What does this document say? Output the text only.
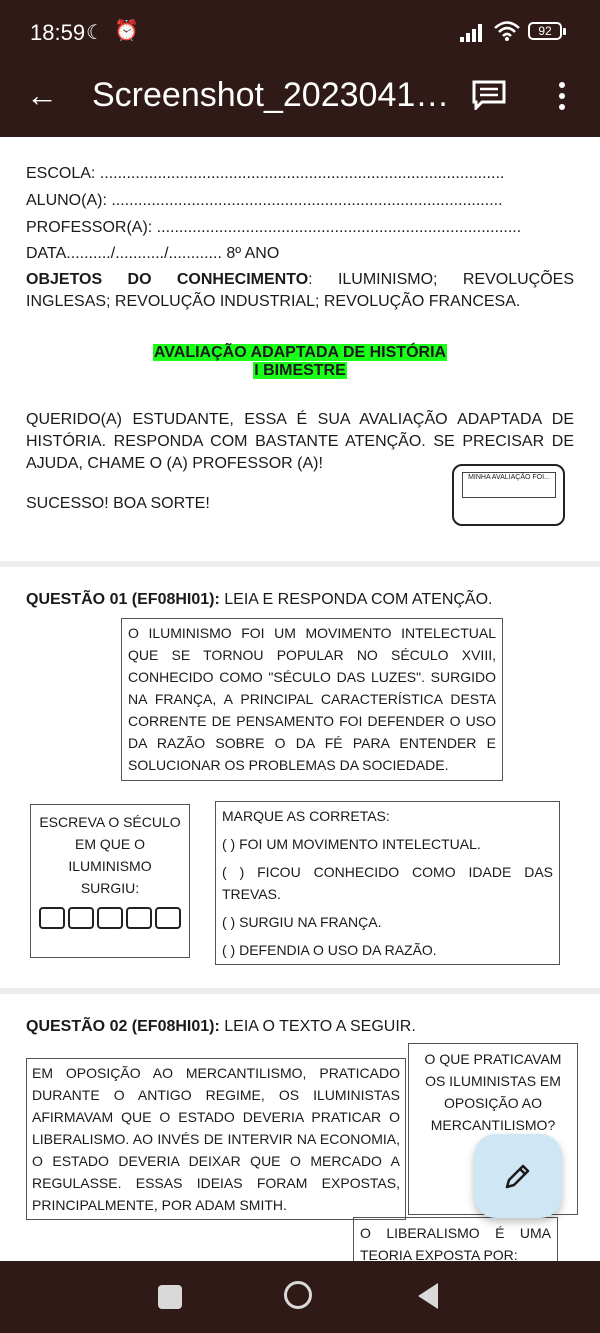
18:59 ☾ ⏰	92
← Screenshot_2023041…
ESCOLA: ...........................................................................................
ALUNO(A): ........................................................................................
PROFESSOR(A): ..................................................................................
DATA........../.........../............ 8º ANO
OBJETOS DO CONHECIMENTO: ILUMINISMO; REVOLUÇÕES INGLESAS; REVOLUÇÃO INDUSTRIAL; REVOLUÇÃO FRANCESA.
AVALIAÇÃO ADAPTADA DE HISTÓRIA
I BIMESTRE
QUERIDO(A) ESTUDANTE, ESSA É SUA AVALIAÇÃO ADAPTADA DE HISTÓRIA. RESPONDA COM BASTANTE ATENÇÃO. SE PRECISAR DE AJUDA, CHAME O (A) PROFESSOR (A)!
SUCESSO! BOA SORTE!
MINHA AVALIAÇÃO FOI...
QUESTÃO 01 (EF08HI01): LEIA E RESPONDA COM ATENÇÃO.

O ILUMINISMO FOI UM MOVIMENTO INTELECTUAL QUE SE TORNOU POPULAR NO SÉCULO XVIII, CONHECIDO COMO "SÉCULO DAS LUZES". SURGIDO NA FRANÇA, A PRINCIPAL CARACTERÍSTICA DESTA CORRENTE DE PENSAMENTO FOI DEFENDER O USO DA RAZÃO SOBRE O DA FÉ PARA ENTENDER E SOLUCIONAR OS PROBLEMAS DA SOCIEDADE.

ESCREVA O SÉCULO EM QUE O ILUMINISMO SURGIU:
MARQUE AS CORRETAS:

( ) FOI UM MOVIMENTO INTELECTUAL.

( ) FICOU CONHECIDO COMO IDADE DAS TREVAS.

( ) SURGIU NA FRANÇA.

( ) DEFENDIA O USO DA RAZÃO.

QUESTÃO 02 (EF08HI01): LEIA O TEXTO A SEGUIR.

EM OPOSIÇÃO AO MERCANTILISMO, PRATICADO DURANTE O ANTIGO REGIME, OS ILUMINISTAS AFIRMAVAM QUE O ESTADO DEVERIA PRATICAR O LIBERALISMO. AO INVÉS DE INTERVIR NA ECONOMIA, O ESTADO DEVERIA DEIXAR QUE O MERCADO A REGULASSE. ESSAS IDEIAS FORAM EXPOSTAS, PRINCIPALMENTE, POR ADAM SMITH.

O QUE PRATICAVAM OS ILUMINISTAS EM OPOSIÇÃO AO MERCANTILISMO?

O LIBERALISMO É UMA TEORIA EXPOSTA POR:
